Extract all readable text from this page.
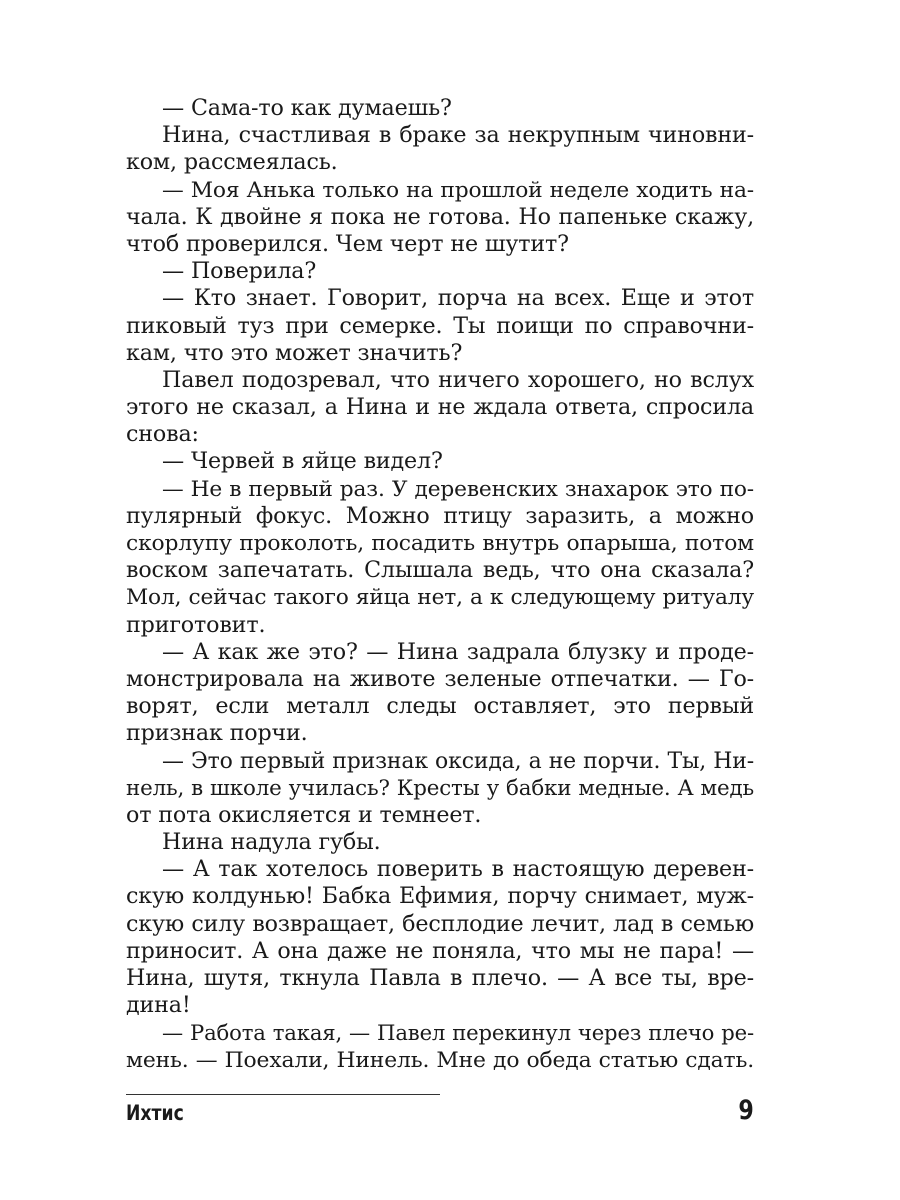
— Сама-то как думаешь?
Нина, счастливая в браке за некрупным чиновни-
ком, рассмеялась.
— Моя Анька только на прошлой неделе ходить на-
чала. К двойне я пока не готова. Но папеньке скажу,
чтоб проверился. Чем черт не шутит?
— Поверила?
— Кто знает. Говорит, порча на всех. Еще и этот
пиковый туз при семерке. Ты поищи по справочни-
кам, что это может значить?
Павел подозревал, что ничего хорошего, но вслух
этого не сказал, а Нина и не ждала ответа, спросила
снова:
— Червей в яйце видел?
— Не в первый раз. У деревенских знахарок это по-
пулярный фокус. Можно птицу заразить, а можно
скорлупу проколоть, посадить внутрь опарыша, потом
воском запечатать. Слышала ведь, что она сказала?
Мол, сейчас такого яйца нет, а к следующему ритуалу
приготовит.
— А как же это? — Нина задрала блузку и проде-
монстрировала на животе зеленые отпечатки. — Го-
ворят, если металл следы оставляет, это первый
признак порчи.
— Это первый признак оксида, а не порчи. Ты, Ни-
нель, в школе училась? Кресты у бабки медные. А медь
от пота окисляется и темнеет.
Нина надула губы.
— А так хотелось поверить в настоящую деревен-
скую колдунью! Бабка Ефимия, порчу снимает, муж-
скую силу возвращает, бесплодие лечит, лад в семью
приносит. А она даже не поняла, что мы не пара! —
Нина, шутя, ткнула Павла в плечо. — А все ты, вре-
дина!
— Работа такая, — Павел перекинул через плечо ре-
мень. — Поехали, Нинель. Мне до обеда статью сдать.
Ихтис	9
